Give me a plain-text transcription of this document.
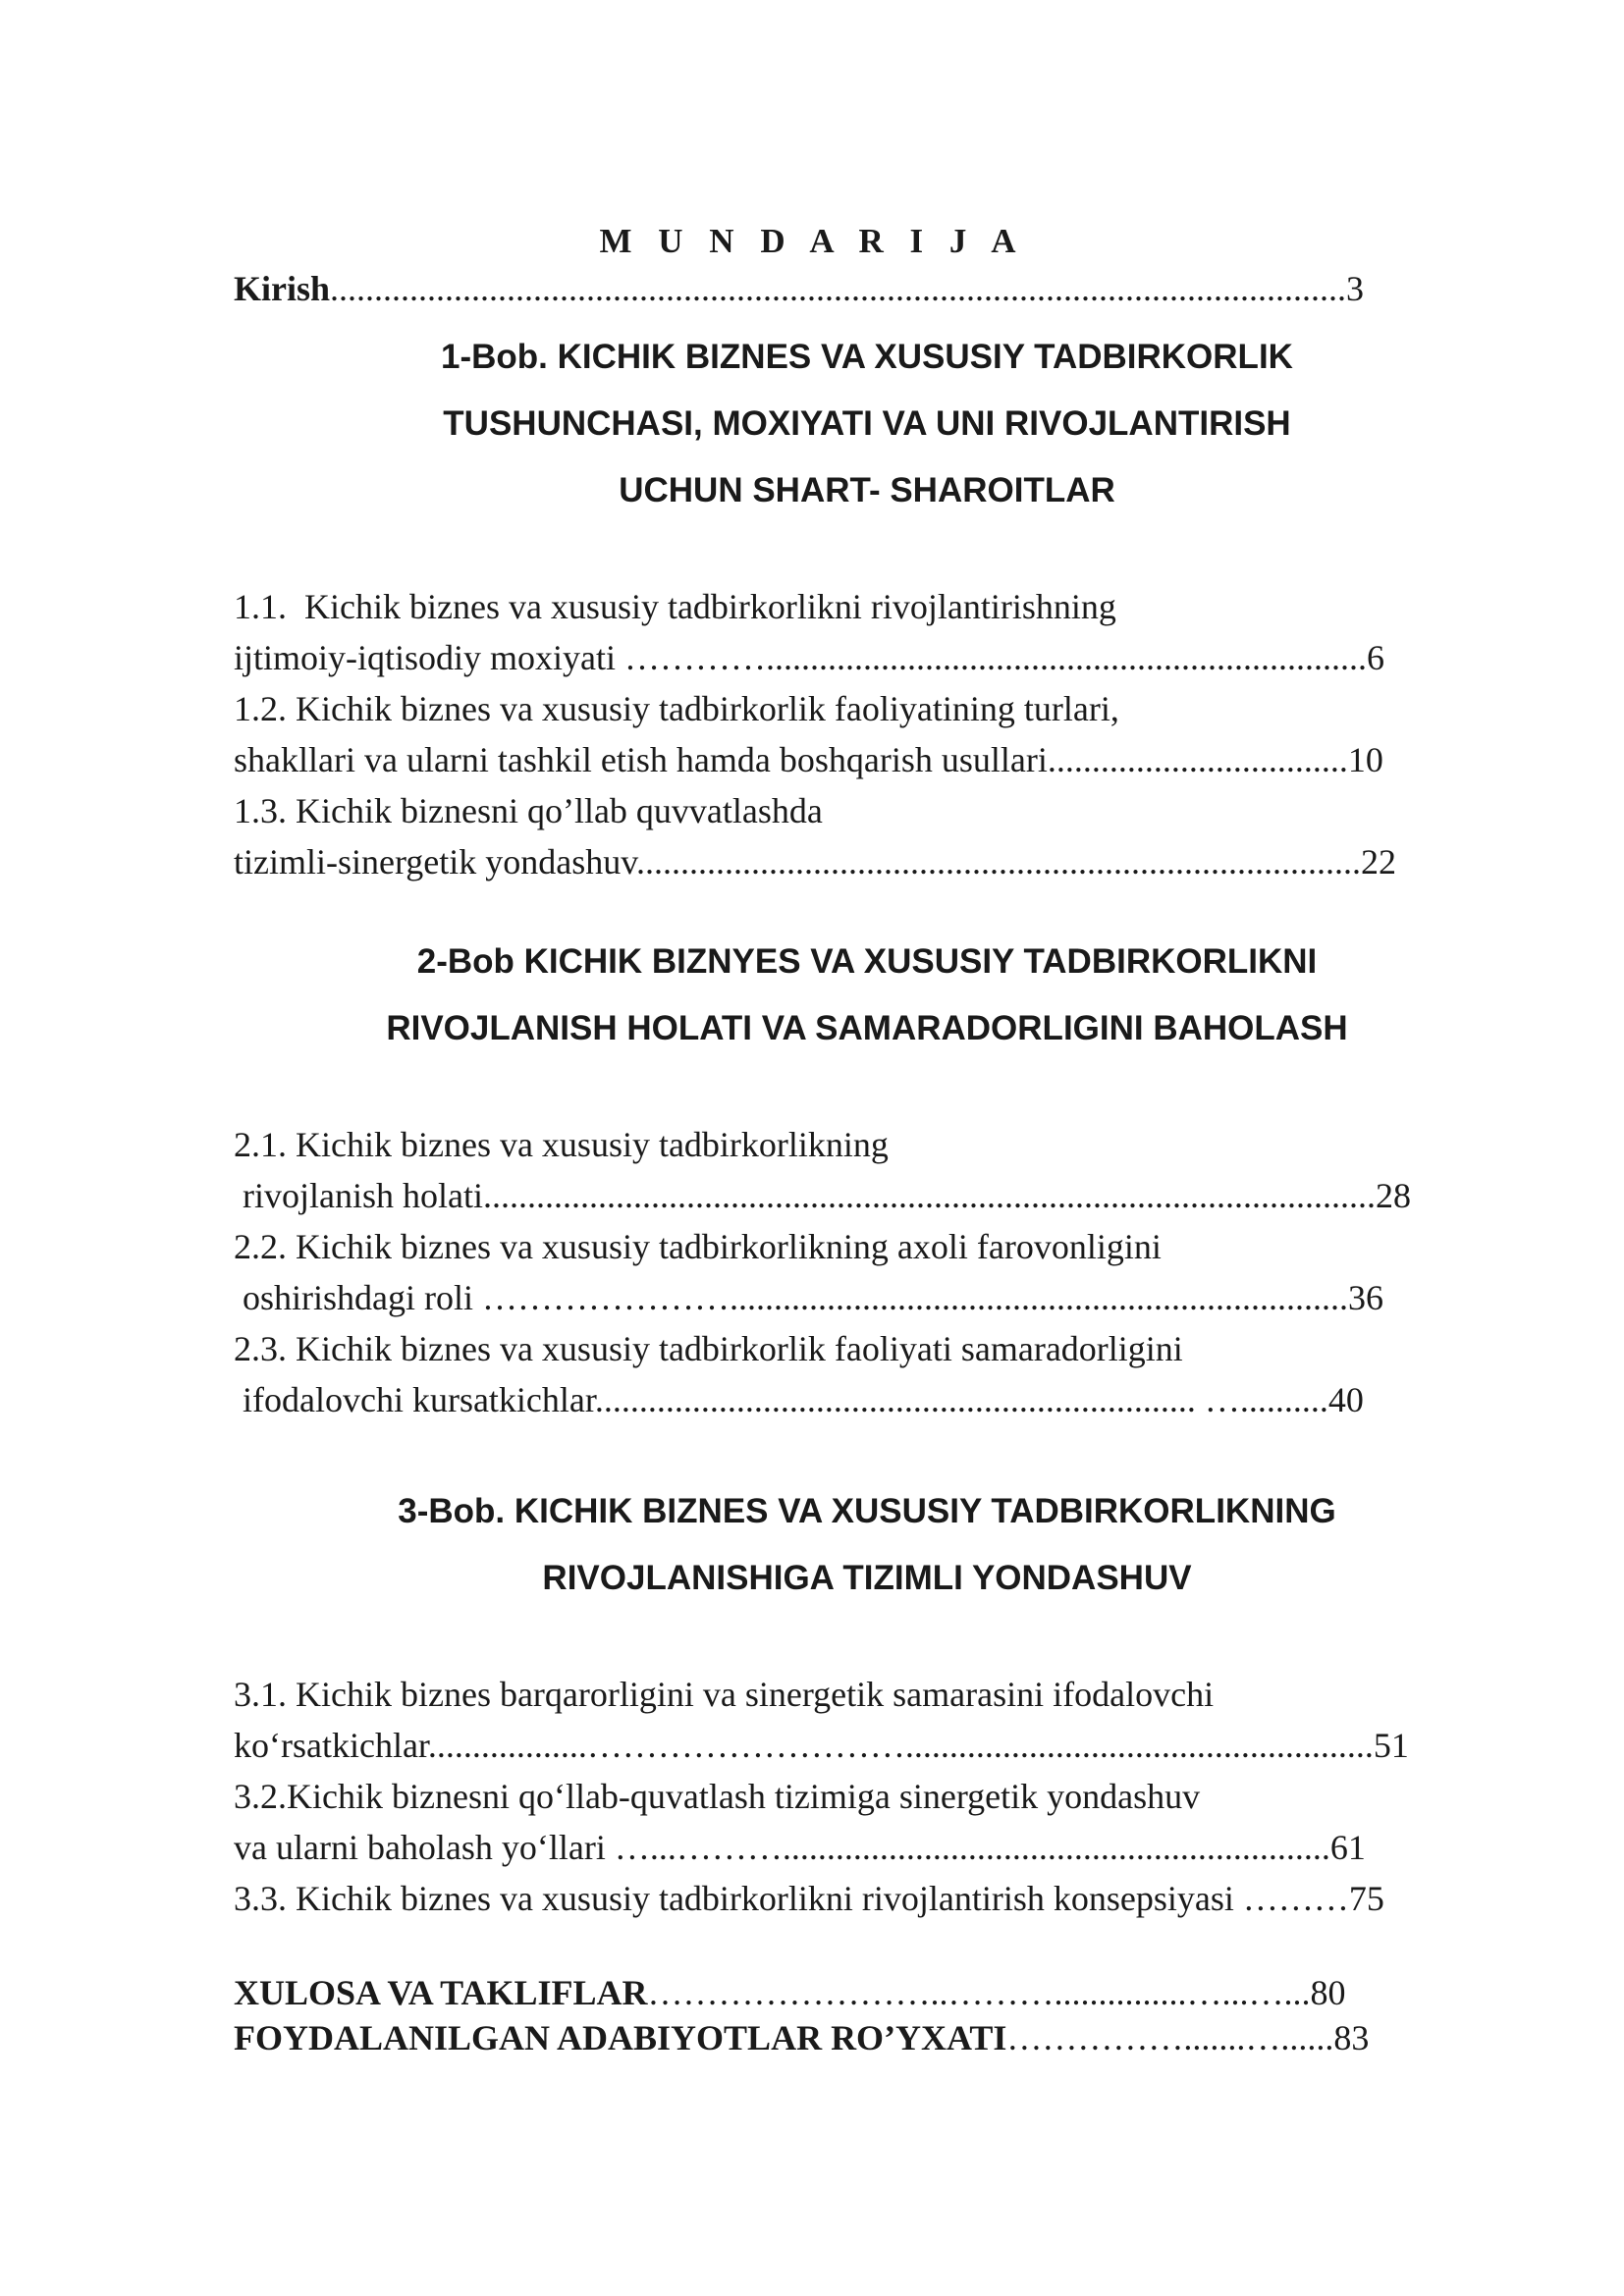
M U N D A R I J A
Kirish...................................................................................................................3
1-Bob. KICHIK BIZNES VA XUSUSIY TADBIRKORLIK
TUSHUNCHASI, MOXIYATI VA UNI RIVOJLANTIRISH
UCHUN SHART- SHAROITLAR
1.1.  Kichik biznes va xususiy tadbirkorlikni rivojlantirishning
ijtimoiy-iqtisodiy moxiyati …………....................................................................6
1.2. Kichik biznes va xususiy tadbirkorlik faoliyatining turlari,
shakllari va ularni tashkil etish hamda boshqarish usullari..................................10
1.3. Kichik biznesni qo’llab quvvatlashda
tizimli-sinergetik yondashuv..................................................................................22
2-Bob KICHIK BIZNYES VA XUSUSIY TADBIRKORLIKNI
RIVOJLANISH HOLATI VA SAMARADORLIGINI BAHOLASH
2.1. Kichik biznes va xususiy tadbirkorlikning
rivojlanish holati.....................................................................................................28
2.2. Kichik biznes va xususiy tadbirkorlikning axoli farovonligini
oshirishdagi roli …………………......................................................................36
2.3. Kichik biznes va xususiy tadbirkorlik faoliyati samaradorligini
ifodalovchi kursatkichlar.................................................................... …..........40
3-Bob. KICHIK BIZNES VA XUSUSIY TADBIRKORLIKNING
RIVOJLANISHIGA TIZIMLI YONDASHUV
3.1. Kichik biznes barqarorligini va sinergetik samarasini ifodalovchi
ko‘rsatkichlar..................……………………….....................................................51
3.2.Kichik biznesni qo‘llab-quvatlash tizimiga sinergetik yondashuv
va ularni baholash yo‘llari …...………..............................................................61
3.3. Kichik biznes va xususiy tadbirkorlikni rivojlantirish konsepsiyasi ………75
XULOSA VA TAKLIFLAR……………………..………...............…...…...80
FOYDALANILGAN ADABIYOTLAR RO’YXATI…………….......…......83
